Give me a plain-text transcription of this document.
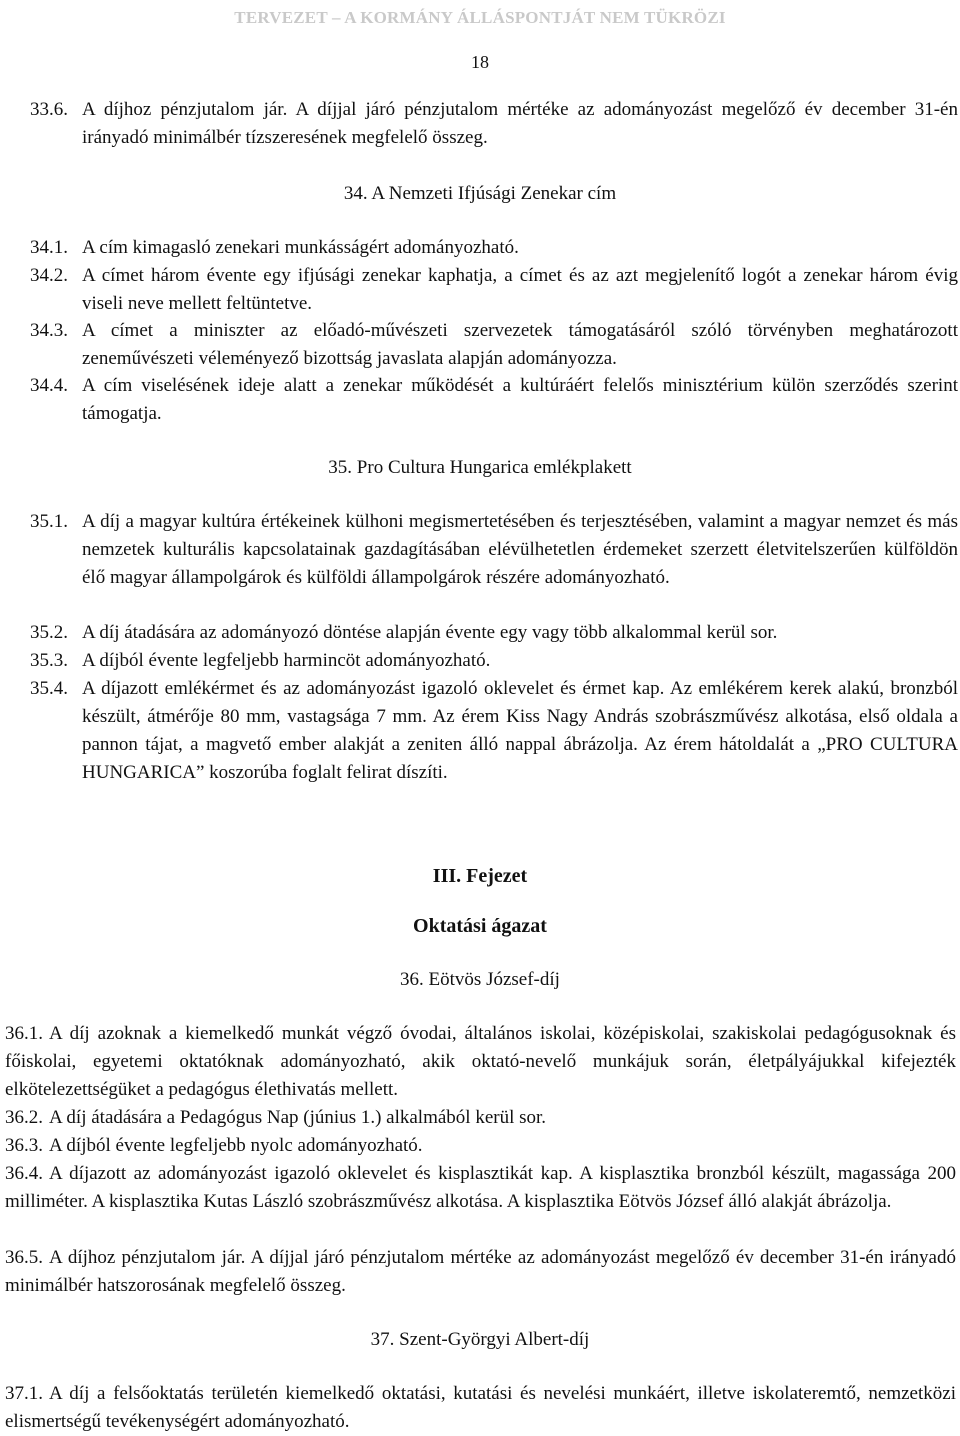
TERVEZET – A KORMÁNY ÁLLÁSPONTJÁT NEM TÜKRÖZI
18
33.6. A díjhoz pénzjutalom jár. A díjjal járó pénzjutalom mértéke az adományozást megelőző év december 31-én irányadó minimálbér tízszeresének megfelelő összeg.
34. A Nemzeti Ifjúsági Zenekar cím
34.1. A cím kimagasló zenekari munkásságért adományozható.
34.2. A címet három évente egy ifjúsági zenekar kaphatja, a címet és az azt megjelenítő logót a zenekar három évig viseli neve mellett feltüntetve.
34.3. A címet a miniszter az előadó-művészeti szervezetek támogatásáról szóló törvényben meghatározott zeneművészeti véleményező bizottság javaslata alapján adományozza.
34.4. A cím viselésének ideje alatt a zenekar működését a kultúráért felelős minisztérium külön szerződés szerint támogatja.
35. Pro Cultura Hungarica emlékplakett
35.1. A díj a magyar kultúra értékeinek külhoni megismertetésében és terjesztésében, valamint a magyar nemzet és más nemzetek kulturális kapcsolatainak gazdagításában elévülhetetlen érdemeket szerzett életvitelszerűen külföldön élő magyar állampolgárok és külföldi állampolgárok részére adományozható.
35.2. A díj átadására az adományozó döntése alapján évente egy vagy több alkalommal kerül sor.
35.3. A díjból évente legfeljebb harmincöt adományozható.
35.4. A díjazott emlékérmet és az adományozást igazoló oklevelet és érmet kap. Az emlékérem kerek alakú, bronzból készült, átmérője 80 mm, vastagsága 7 mm. Az érem Kiss Nagy András szobrászművész alkotása, első oldala a pannon tájat, a magvető ember alakját a zeniten álló nappal ábrázolja. Az érem hátoldalát a „PRO CULTURA HUNGARICA” koszorúba foglalt felirat díszíti.
III. Fejezet
Oktatási ágazat
36. Eötvös József-díj
36.1. A díj azoknak a kiemelkedő munkát végző óvodai, általános iskolai, középiskolai, szakiskolai pedagógusoknak és főiskolai, egyetemi oktatóknak adományozható, akik oktató-nevelő munkájuk során, életpályájukkal kifejezték elkötelezettségüket a pedagógus élethivatás mellett.
36.2. A díj átadására a Pedagógus Nap (június 1.) alkalmából kerül sor.
36.3. A díjból évente legfeljebb nyolc adományozható.
36.4. A díjazott az adományozást igazoló oklevelet és kisplasztikát kap. A kisplasztika bronzból készült, magassága 200 milliméter. A kisplasztika Kutas László szobrászművész alkotása. A kisplasztika Eötvös József álló alakját ábrázolja.
36.5. A díjhoz pénzjutalom jár. A díjjal járó pénzjutalom mértéke az adományozást megelőző év december 31-én irányadó minimálbér hatszorosának megfelelő összeg.
37. Szent-Györgyi Albert-díj
37.1. A díj a felsőoktatás területén kiemelkedő oktatási, kutatási és nevelési munkáért, illetve iskolateremtő, nemzetközi elismertségű tevékenységért adományozható.
